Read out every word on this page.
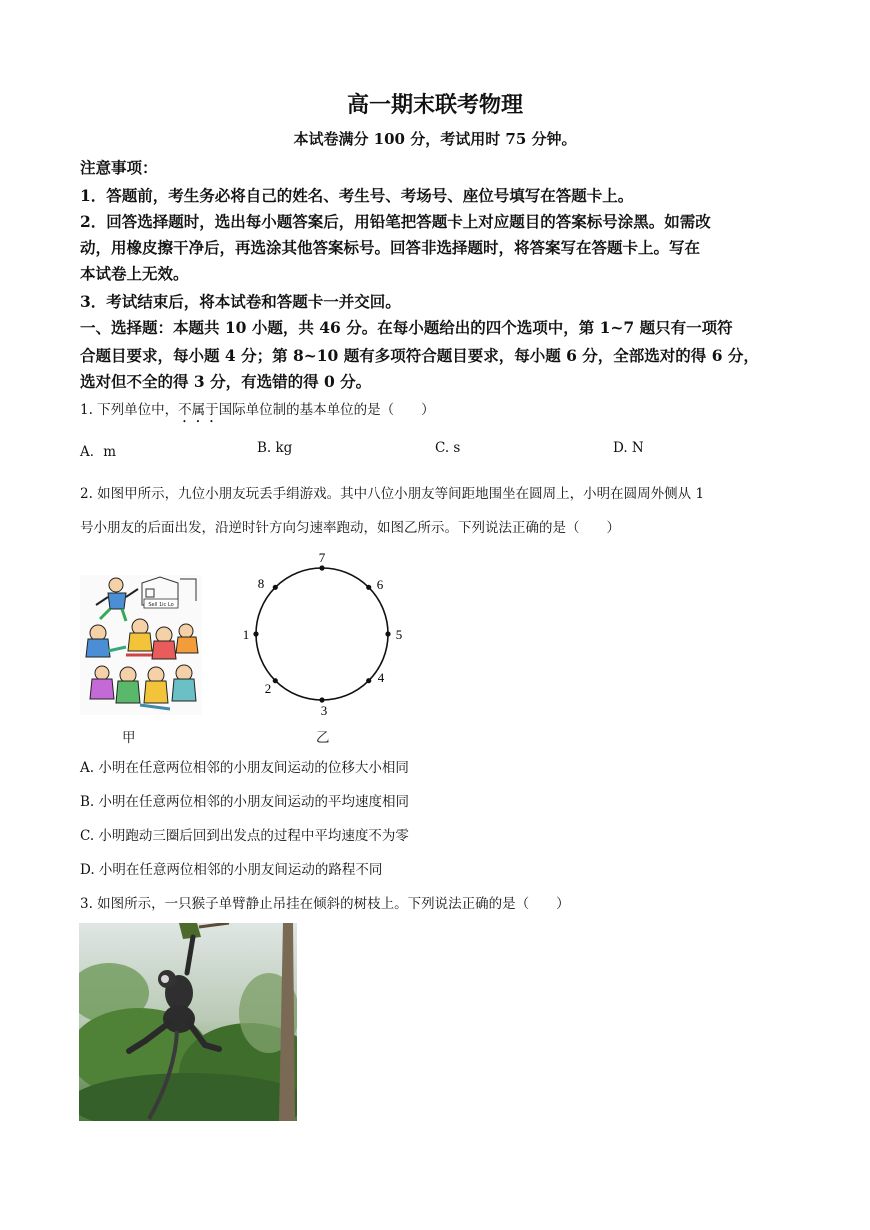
高一期末联考物理
本试卷满分 100 分，考试用时 75 分钟。
注意事项：
1．答题前，考生务必将自己的姓名、考生号、考场号、座位号填写在答题卡上。
2．回答选择题时，选出每小题答案后，用铅笔把答题卡上对应题目的答案标号涂黑。如需改
动，用橡皮擦干净后，再选涂其他答案标号。回答非选择题时，将答案写在答题卡上。写在
本试卷上无效。
3．考试结束后，将本试卷和答题卡一并交回。
一、选择题：本题共 10 小题，共 46 分。在每小题给出的四个选项中，第 1~7 题只有一项符
合题目要求，每小题 4 分；第 8~10 题有多项符合题目要求，每小题 6 分，全部选对的得 6 分，
选对但不全的得 3 分，有选错的得 0 分。
1. 下列单位中，不属于国际单位制的基本单位的是（　　）
A．m	B. kg	C. s	D. N
2. 如图甲所示，九位小朋友玩丢手绢游戏。其中八位小朋友等间距地围坐在圆周上，小明在圆周外侧从 1
号小朋友的后面出发，沿逆时针方向匀速率跑动，如图乙所示。下列说法正确的是（　　）
Sell 1ic Lo
甲
7
6
5
4
3
2
1
8
乙
A. 小明在任意两位相邻的小朋友间运动的位移大小相同
B. 小明在任意两位相邻的小朋友间运动的平均速度相同
C. 小明跑动三圈后回到出发点的过程中平均速度不为零
D. 小明在任意两位相邻的小朋友间运动的路程不同
3. 如图所示，一只猴子单臂静止吊挂在倾斜的树枝上。下列说法正确的是（　　）
